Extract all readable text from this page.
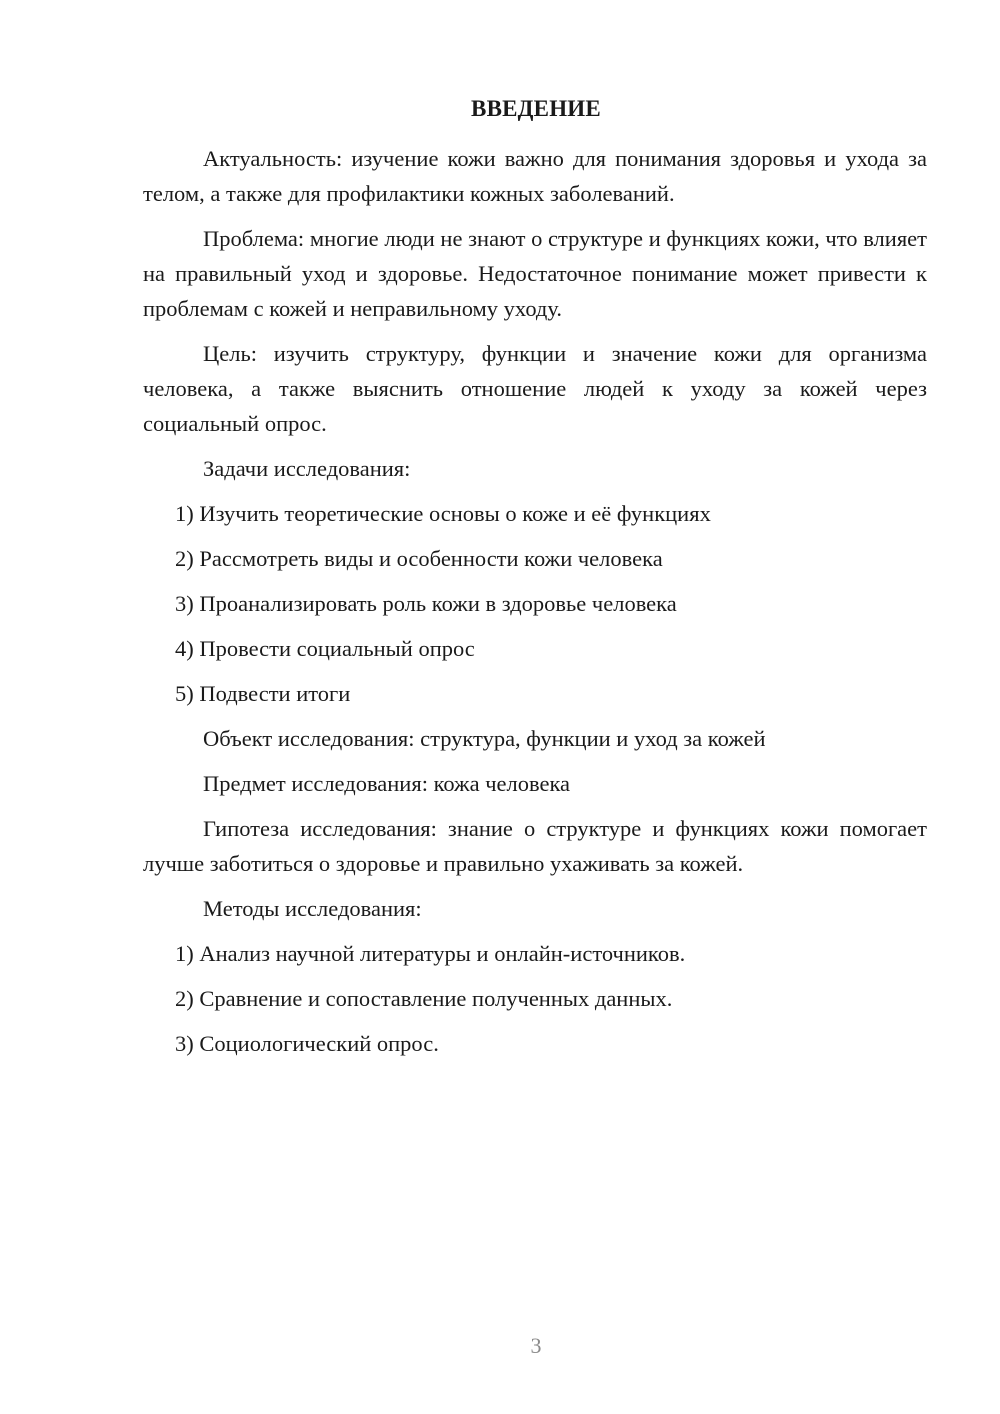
ВВЕДЕНИЕ

Актуальность: изучение кожи важно для понимания здоровья и ухода за телом, а также для профилактики кожных заболеваний.

Проблема: многие люди не знают о структуре и функциях кожи, что влияет на правильный уход и здоровье. Недостаточное понимание может привести к проблемам с кожей и неправильному уходу.

Цель: изучить структуру, функции и значение кожи для организма человека, а также выяснить отношение людей к уходу за кожей через социальный опрос.

Задачи исследования:
1) Изучить теоретические основы о коже и её функциях
2) Рассмотреть виды и особенности кожи человека
3) Проанализировать роль кожи в здоровье человека
4) Провести социальный опрос
5) Подвести итоги
Объект исследования: структура, функции и уход за кожей
Предмет исследования: кожа человека

Гипотеза исследования: знание о структуре и функциях кожи помогает лучше заботиться о здоровье и правильно ухаживать за кожей.

Методы исследования:
1) Анализ научной литературы и онлайн-источников.
2) Сравнение и сопоставление полученных данных.
3) Социологический опрос.
3
